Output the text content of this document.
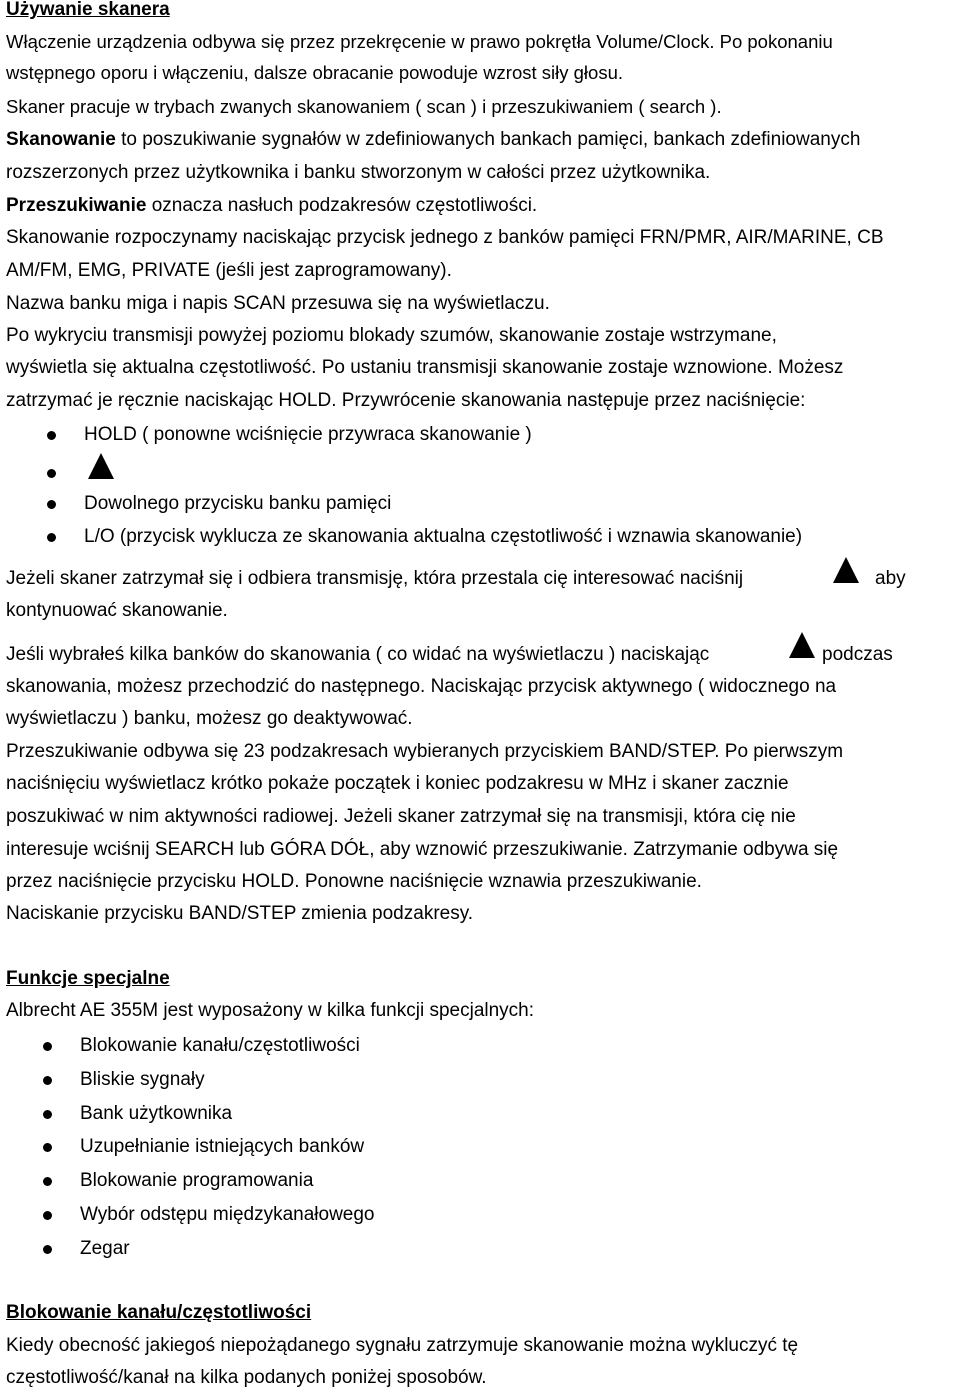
Używanie skanera
Włączenie urządzenia odbywa się przez przekręcenie w prawo pokrętła Volume/Clock. Po pokonaniu
wstępnego oporu i włączeniu, dalsze obracanie powoduje wzrost siły głosu.
Skaner pracuje w trybach zwanych skanowaniem ( scan ) i przeszukiwaniem ( search ).
Skanowanie to poszukiwanie sygnałów w zdefiniowanych bankach pamięci, bankach zdefiniowanych
rozszerzonych przez użytkownika i banku stworzonym w całości przez użytkownika.
Przeszukiwanie oznacza nasłuch podzakresów częstotliwości.
Skanowanie rozpoczynamy naciskając przycisk jednego z banków pamięci FRN/PMR, AIR/MARINE, CB
AM/FM, EMG, PRIVATE (jeśli jest zaprogramowany).
Nazwa banku miga i napis SCAN przesuwa się na wyświetlaczu.
Po wykryciu transmisji powyżej poziomu blokady szumów, skanowanie zostaje wstrzymane,
wyświetla się aktualna częstotliwość. Po ustaniu transmisji skanowanie zostaje wznowione. Możesz
zatrzymać je ręcznie naciskając HOLD. Przywrócenie skanowania następuje przez naciśnięcie:
HOLD ( ponowne wciśnięcie przywraca skanowanie )
Dowolnego przycisku banku pamięci
L/O (przycisk wyklucza ze skanowania aktualna częstotliwość i wznawia skanowanie)
Jeżeli skaner zatrzymał się i odbiera transmisję, która przestala cię interesować naciśnij	aby
kontynuować skanowanie.
Jeśli wybrałeś kilka banków do skanowania ( co widać na wyświetlaczu ) naciskając	podczas
skanowania, możesz przechodzić do następnego. Naciskając przycisk aktywnego ( widocznego na
wyświetlaczu ) banku, możesz go deaktywować.
Przeszukiwanie odbywa się 23 podzakresach wybieranych przyciskiem BAND/STEP. Po pierwszym
naciśnięciu wyświetlacz krótko pokaże początek i koniec podzakresu w MHz i skaner zacznie
poszukiwać w nim aktywności radiowej. Jeżeli skaner zatrzymał się na transmisji, która cię nie
interesuje wciśnij SEARCH lub GÓRA DÓŁ, aby wznowić przeszukiwanie. Zatrzymanie odbywa się
przez naciśnięcie przycisku HOLD. Ponowne naciśnięcie wznawia przeszukiwanie.
Naciskanie przycisku BAND/STEP zmienia podzakresy.
Funkcje specjalne
Albrecht AE 355M jest wyposażony w kilka funkcji specjalnych:
Blokowanie kanału/częstotliwości
Bliskie sygnały
Bank użytkownika
Uzupełnianie istniejących banków
Blokowanie programowania
Wybór odstępu międzykanałowego
Zegar
Blokowanie kanału/częstotliwości
Kiedy obecność jakiegoś niepożądanego sygnału zatrzymuje skanowanie można wykluczyć tę
częstotliwość/kanał na kilka podanych poniżej sposobów.
